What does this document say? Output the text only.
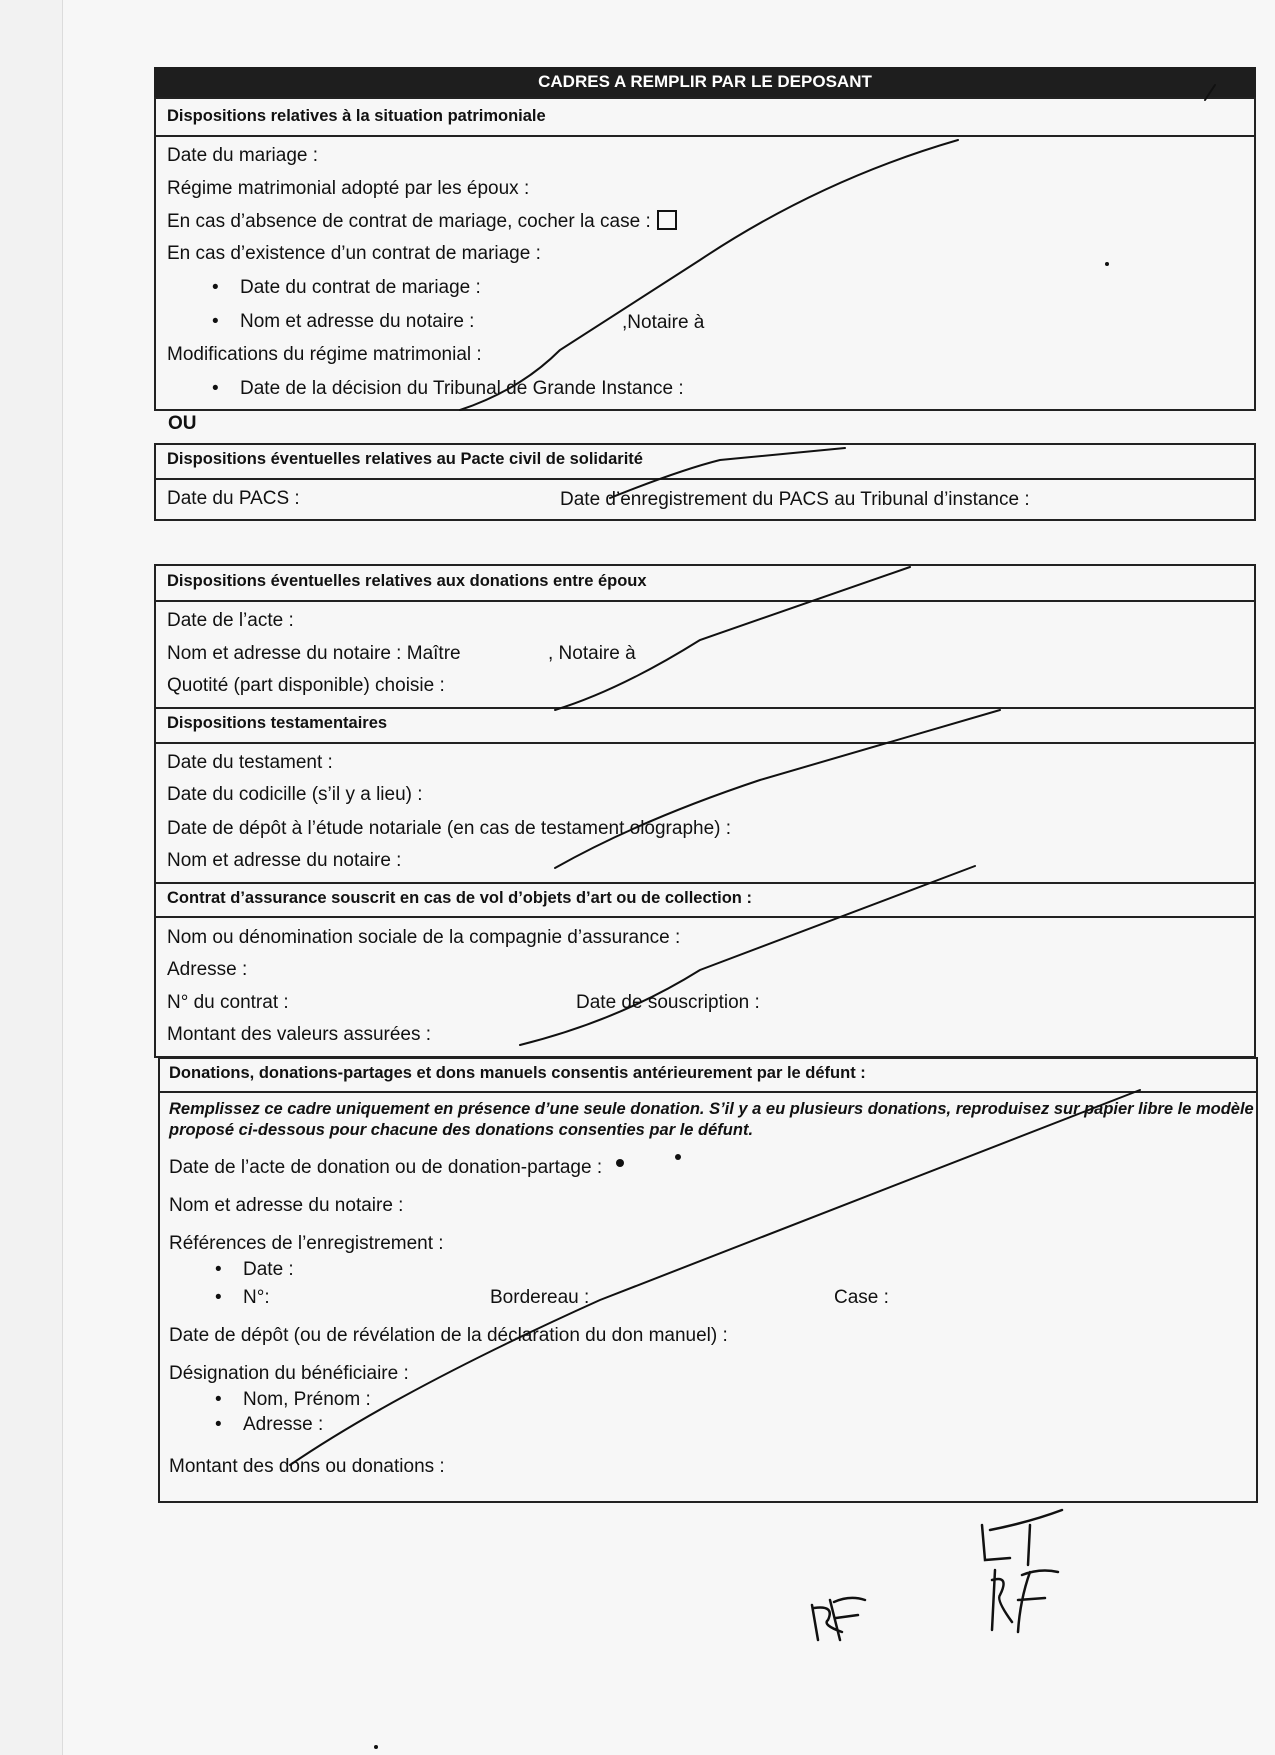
CADRES A REMPLIR PAR LE DEPOSANT
Dispositions relatives à la situation patrimoniale
Date du mariage :
Régime matrimonial adopté par les époux :
En cas d’absence de contrat de mariage, cocher la case :
En cas d’existence d’un contrat de mariage :
• Date du contrat de mariage :
• Nom et adresse du notaire :	,Notaire à
Modifications du régime matrimonial :
• Date de la décision du Tribunal de Grande Instance :
OU
Dispositions éventuelles relatives au Pacte civil de solidarité
Date du PACS :	Date d’enregistrement du PACS au Tribunal d’instance :
Dispositions éventuelles relatives aux donations entre époux
Date de l’acte :
Nom et adresse du notaire : Maître	, Notaire à
Quotité (part disponible) choisie :
Dispositions testamentaires
Date du testament :
Date du codicille (s’il y a lieu) :
Date de dépôt à l’étude notariale (en cas de testament olographe) :
Nom et adresse du notaire :
Contrat d’assurance souscrit en cas de vol d’objets d’art ou de collection :
Nom ou dénomination sociale de la compagnie d’assurance :
Adresse :
N° du contrat :	Date de souscription :
Montant des valeurs assurées :
Donations, donations-partages et dons manuels consentis antérieurement par le défunt :
Remplissez ce cadre uniquement en présence d’une seule donation. S’il y a eu plusieurs donations, reproduisez sur papier libre le modèle proposé ci-dessous pour chacune des donations consenties par le défunt.
Date de l’acte de donation ou de donation-partage :
Nom et adresse du notaire :
Références de l’enregistrement :
• Date :
• N°:	Bordereau :	Case :
Date de dépôt (ou de révélation de la déclaration du don manuel) :
Désignation du bénéficiaire :
• Nom, Prénom :
• Adresse :
Montant des dons ou donations :
